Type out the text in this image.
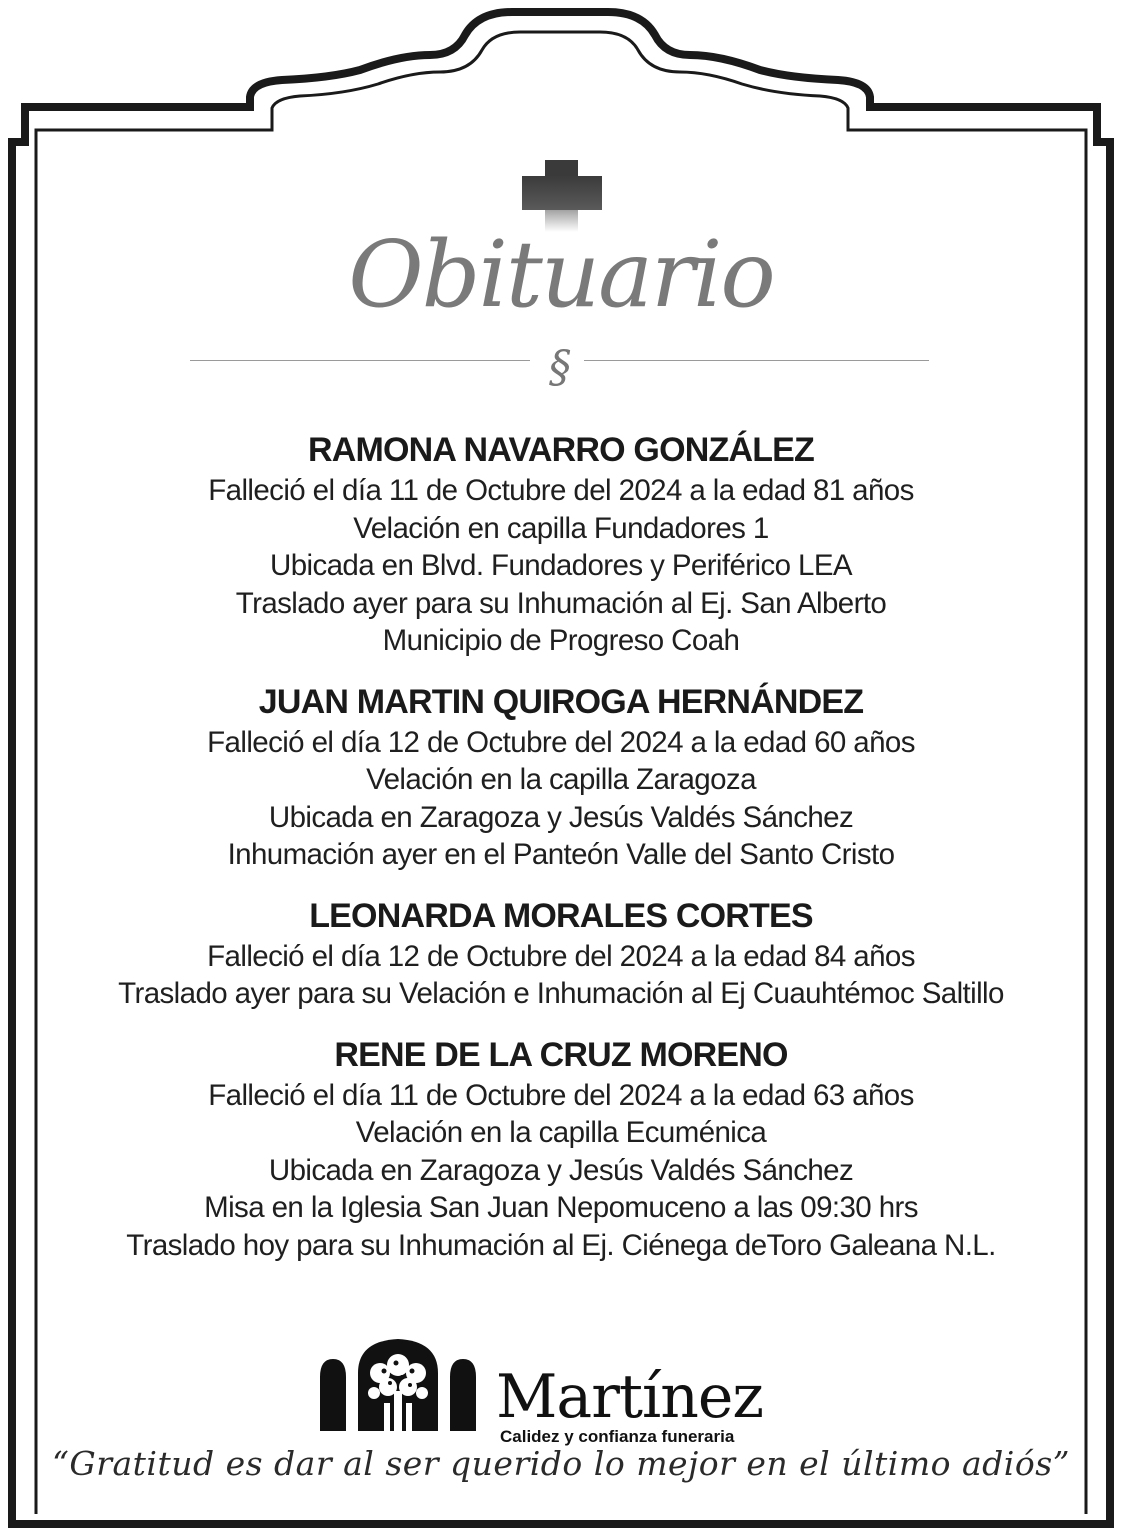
Obituario
§
RAMONA NAVARRO GONZÁLEZ
Falleció el día 11 de Octubre del 2024 a la edad 81 años
Velación en capilla Fundadores 1
Ubicada en Blvd. Fundadores y Periférico LEA
Traslado ayer para su Inhumación al Ej. San Alberto
Municipio de Progreso Coah
JUAN MARTIN QUIROGA HERNÁNDEZ
Falleció el día 12 de Octubre del 2024 a la edad 60 años
Velación en la capilla Zaragoza
Ubicada en Zaragoza y Jesús Valdés Sánchez
Inhumación ayer en el Panteón Valle del Santo Cristo
LEONARDA MORALES CORTES
Falleció el día 12 de Octubre del 2024 a la edad 84 años
Traslado ayer para su Velación e Inhumación al Ej Cuauhtémoc Saltillo
RENE DE LA CRUZ MORENO
Falleció el día 11 de Octubre del 2024 a la edad 63 años
Velación en la capilla Ecuménica
Ubicada en Zaragoza y Jesús Valdés Sánchez
Misa en la Iglesia San Juan Nepomuceno a las 09:30 hrs
Traslado hoy para su Inhumación al Ej. Ciénega deToro Galeana N.L.
Martínez
Calidez y confianza funeraria
“Gratitud es dar al ser querido lo mejor en el último adiós”
